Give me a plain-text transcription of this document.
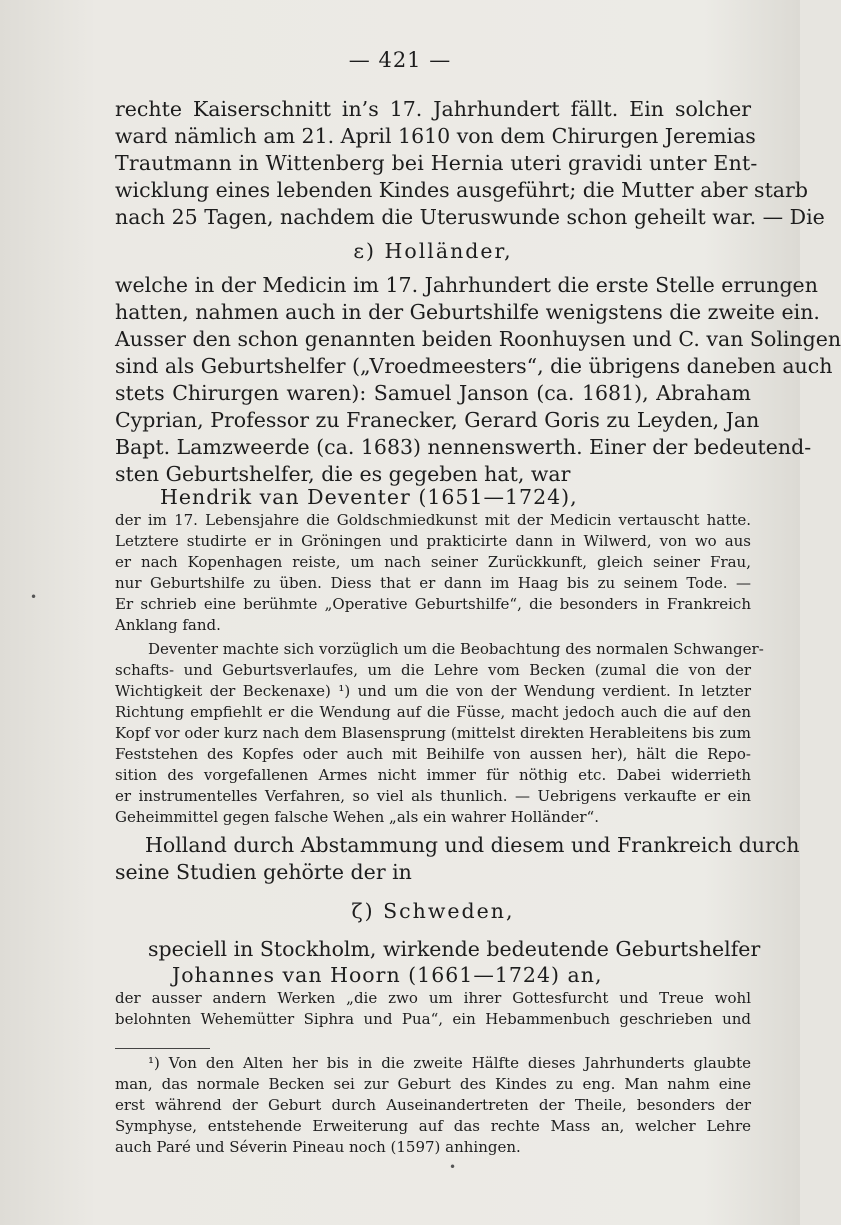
— 421 —
rechte Kaiserschnitt in’s 17. Jahrhundert fällt. Ein solcher
ward nämlich am 21. April 1610 von dem Chirurgen Jeremias
Trautmann in Wittenberg bei Hernia uteri gravidi unter Ent-
wicklung eines lebenden Kindes ausgeführt; die Mutter aber starb
nach 25 Tagen, nachdem die Uteruswunde schon geheilt war. — Die
ε) Holländer,
welche in der Medicin im 17. Jahrhundert die erste Stelle errungen
hatten, nahmen auch in der Geburtshilfe wenigstens die zweite ein.
Ausser den schon genannten beiden Roonhuysen und C. van Solingen
sind als Geburtshelfer („Vroedmeesters“, die übrigens daneben auch
stets Chirurgen waren): Samuel Janson (ca. 1681), Abraham
Cyprian, Professor zu Franecker, Gerard Goris zu Leyden, Jan
Bapt. Lamzweerde (ca. 1683) nennenswerth. Einer der bedeutend-
sten Geburtshelfer, die es gegeben hat, war
Hendrik van Deventer (1651—1724),
der im 17. Lebensjahre die Goldschmiedkunst mit der Medicin vertauscht hatte.
Letztere studirte er in Gröningen und prakticirte dann in Wilwerd, von wo aus
er nach Kopenhagen reiste, um nach seiner Zurückkunft, gleich seiner Frau,
nur Geburtshilfe zu üben. Diess that er dann im Haag bis zu seinem Tode. —
Er schrieb eine berühmte „Operative Geburtshilfe“, die besonders in Frankreich
Anklang fand.
Deventer machte sich vorzüglich um die Beobachtung des normalen Schwanger-
schafts- und Geburtsverlaufes, um die Lehre vom Becken (zumal die von der
Wichtigkeit der Beckenaxe) ¹) und um die von der Wendung verdient. In letzter
Richtung empfiehlt er die Wendung auf die Füsse, macht jedoch auch die auf den
Kopf vor oder kurz nach dem Blasensprung (mittelst direkten Herableitens bis zum
Feststehen des Kopfes oder auch mit Beihilfe von aussen her), hält die Repo-
sition des vorgefallenen Armes nicht immer für nöthig etc. Dabei widerrieth
er instrumentelles Verfahren, so viel als thunlich. — Uebrigens verkaufte er ein
Geheimmittel gegen falsche Wehen „als ein wahrer Holländer“.
Holland durch Abstammung und diesem und Frankreich durch
seine Studien gehörte der in
ζ) Schweden,
speciell in Stockholm, wirkende bedeutende Geburtshelfer
Johannes van Hoorn (1661—1724) an,
der ausser andern Werken „die zwo um ihrer Gottesfurcht und Treue wohl
belohnten Wehemütter Siphra und Pua“, ein Hebammenbuch geschrieben und
¹) Von den Alten her bis in die zweite Hälfte dieses Jahrhunderts glaubte
man, das normale Becken sei zur Geburt des Kindes zu eng. Man nahm eine
erst während der Geburt durch Auseinandertreten der Theile, besonders der
Symphyse, entstehende Erweiterung auf das rechte Mass an, welcher Lehre
auch Paré und Séverin Pineau noch (1597) anhingen.
•
•
